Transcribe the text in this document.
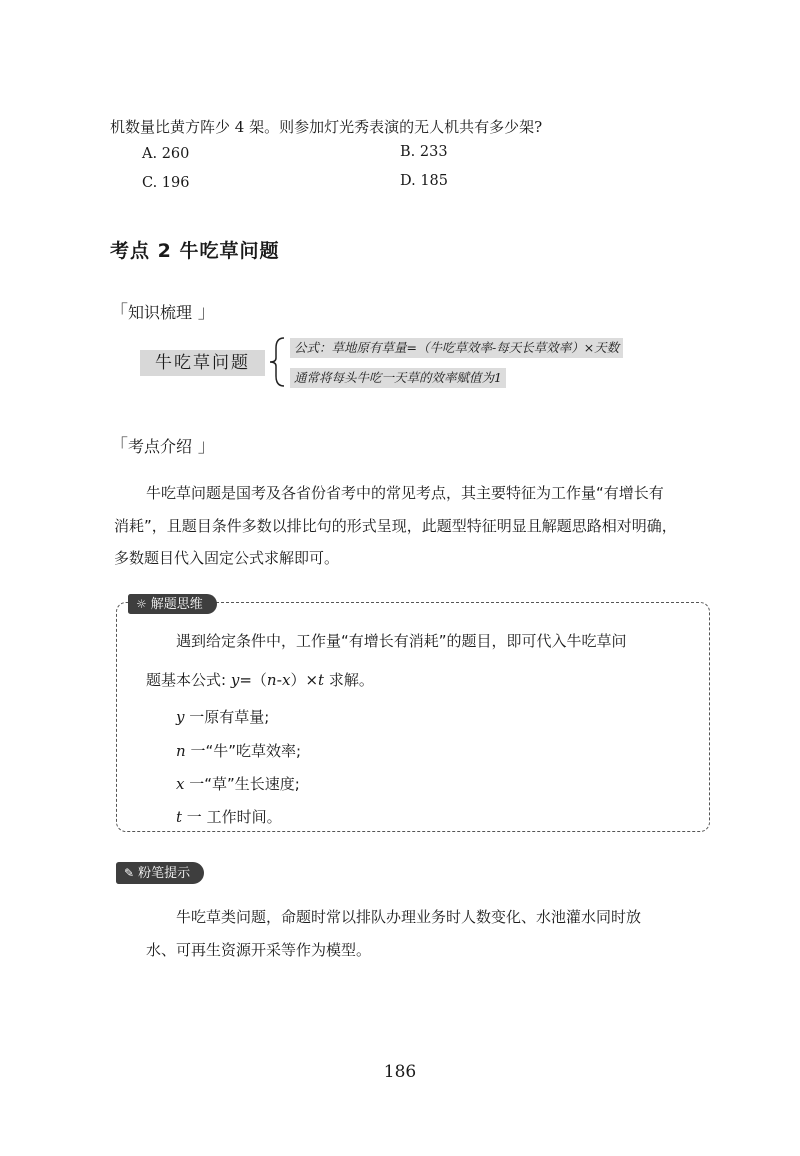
机数量比黄方阵少 4 架。则参加灯光秀表演的无人机共有多少架?
A. 260	B. 233
C. 196	D. 185
考点 2 牛吃草问题
「知识梳理 」
牛吃草问题
公式：草地原有草量=（牛吃草效率-每天长草效率）×天数
通常将每头牛吃一天草的效率赋值为1
「考点介绍 」
牛吃草问题是国考及各省份省考中的常见考点，其主要特征为工作量“有增长有
消耗”，且题目条件多数以排比句的形式呈现，此题型特征明显且解题思路相对明确，
多数题目代入固定公式求解即可。
☼ 解题思维
遇到给定条件中，工作量“有增长有消耗”的题目，即可代入牛吃草问
题基本公式: y=（n-x）×t 求解。
y 一原有草量;
n 一“牛”吃草效率;
x 一“草”生长速度;
t 一 工作时间。
✎ 粉笔提示
牛吃草类问题，命题时常以排队办理业务时人数变化、水池灌水同时放
水、可再生资源开采等作为模型。
186
